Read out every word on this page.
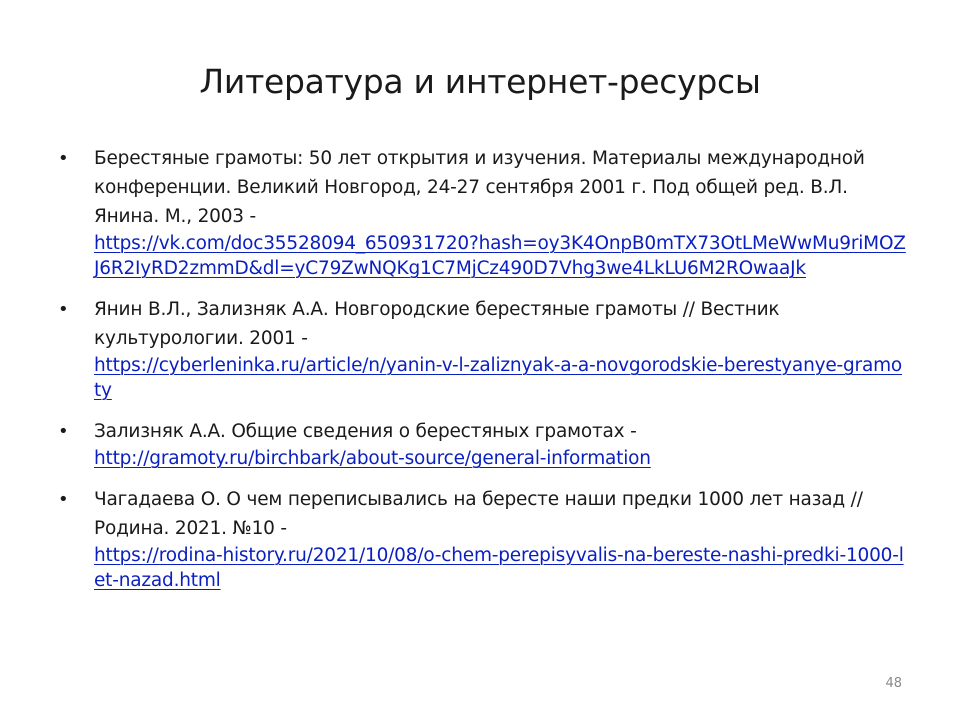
Литература и интернет-ресурсы
• Берестяные грамоты: 50 лет открытия и изучения. Материалы международной конференции. Великий Новгород, 24-27 сентября 2001 г. Под общей ред. В.Л. Янина. М., 2003 -
https://vk.com/doc35528094_650931720?hash=oy3K4OnpB0mTX73OtLMeWwMu9riMOZJ6R2IyRD2zmmD&dl=yC79ZwNQKg1C7MjCz490D7Vhg3we4LkLU6M2ROwaaJk
• Янин В.Л., Зализняк А.А. Новгородские берестяные грамоты // Вестник культурологии. 2001 -
https://cyberleninka.ru/article/n/yanin-v-l-zaliznyak-a-a-novgorodskie-berestyanye-gramoty
• Зализняк А.А. Общие сведения о берестяных грамотах -
http://gramoty.ru/birchbark/about-source/general-information
• Чагадаева О. О чем переписывались на бересте наши предки 1000 лет назад // Родина. 2021. №10 -
https://rodina-history.ru/2021/10/08/o-chem-perepisyvalis-na-bereste-nashi-predki-1000-let-nazad.html
48
